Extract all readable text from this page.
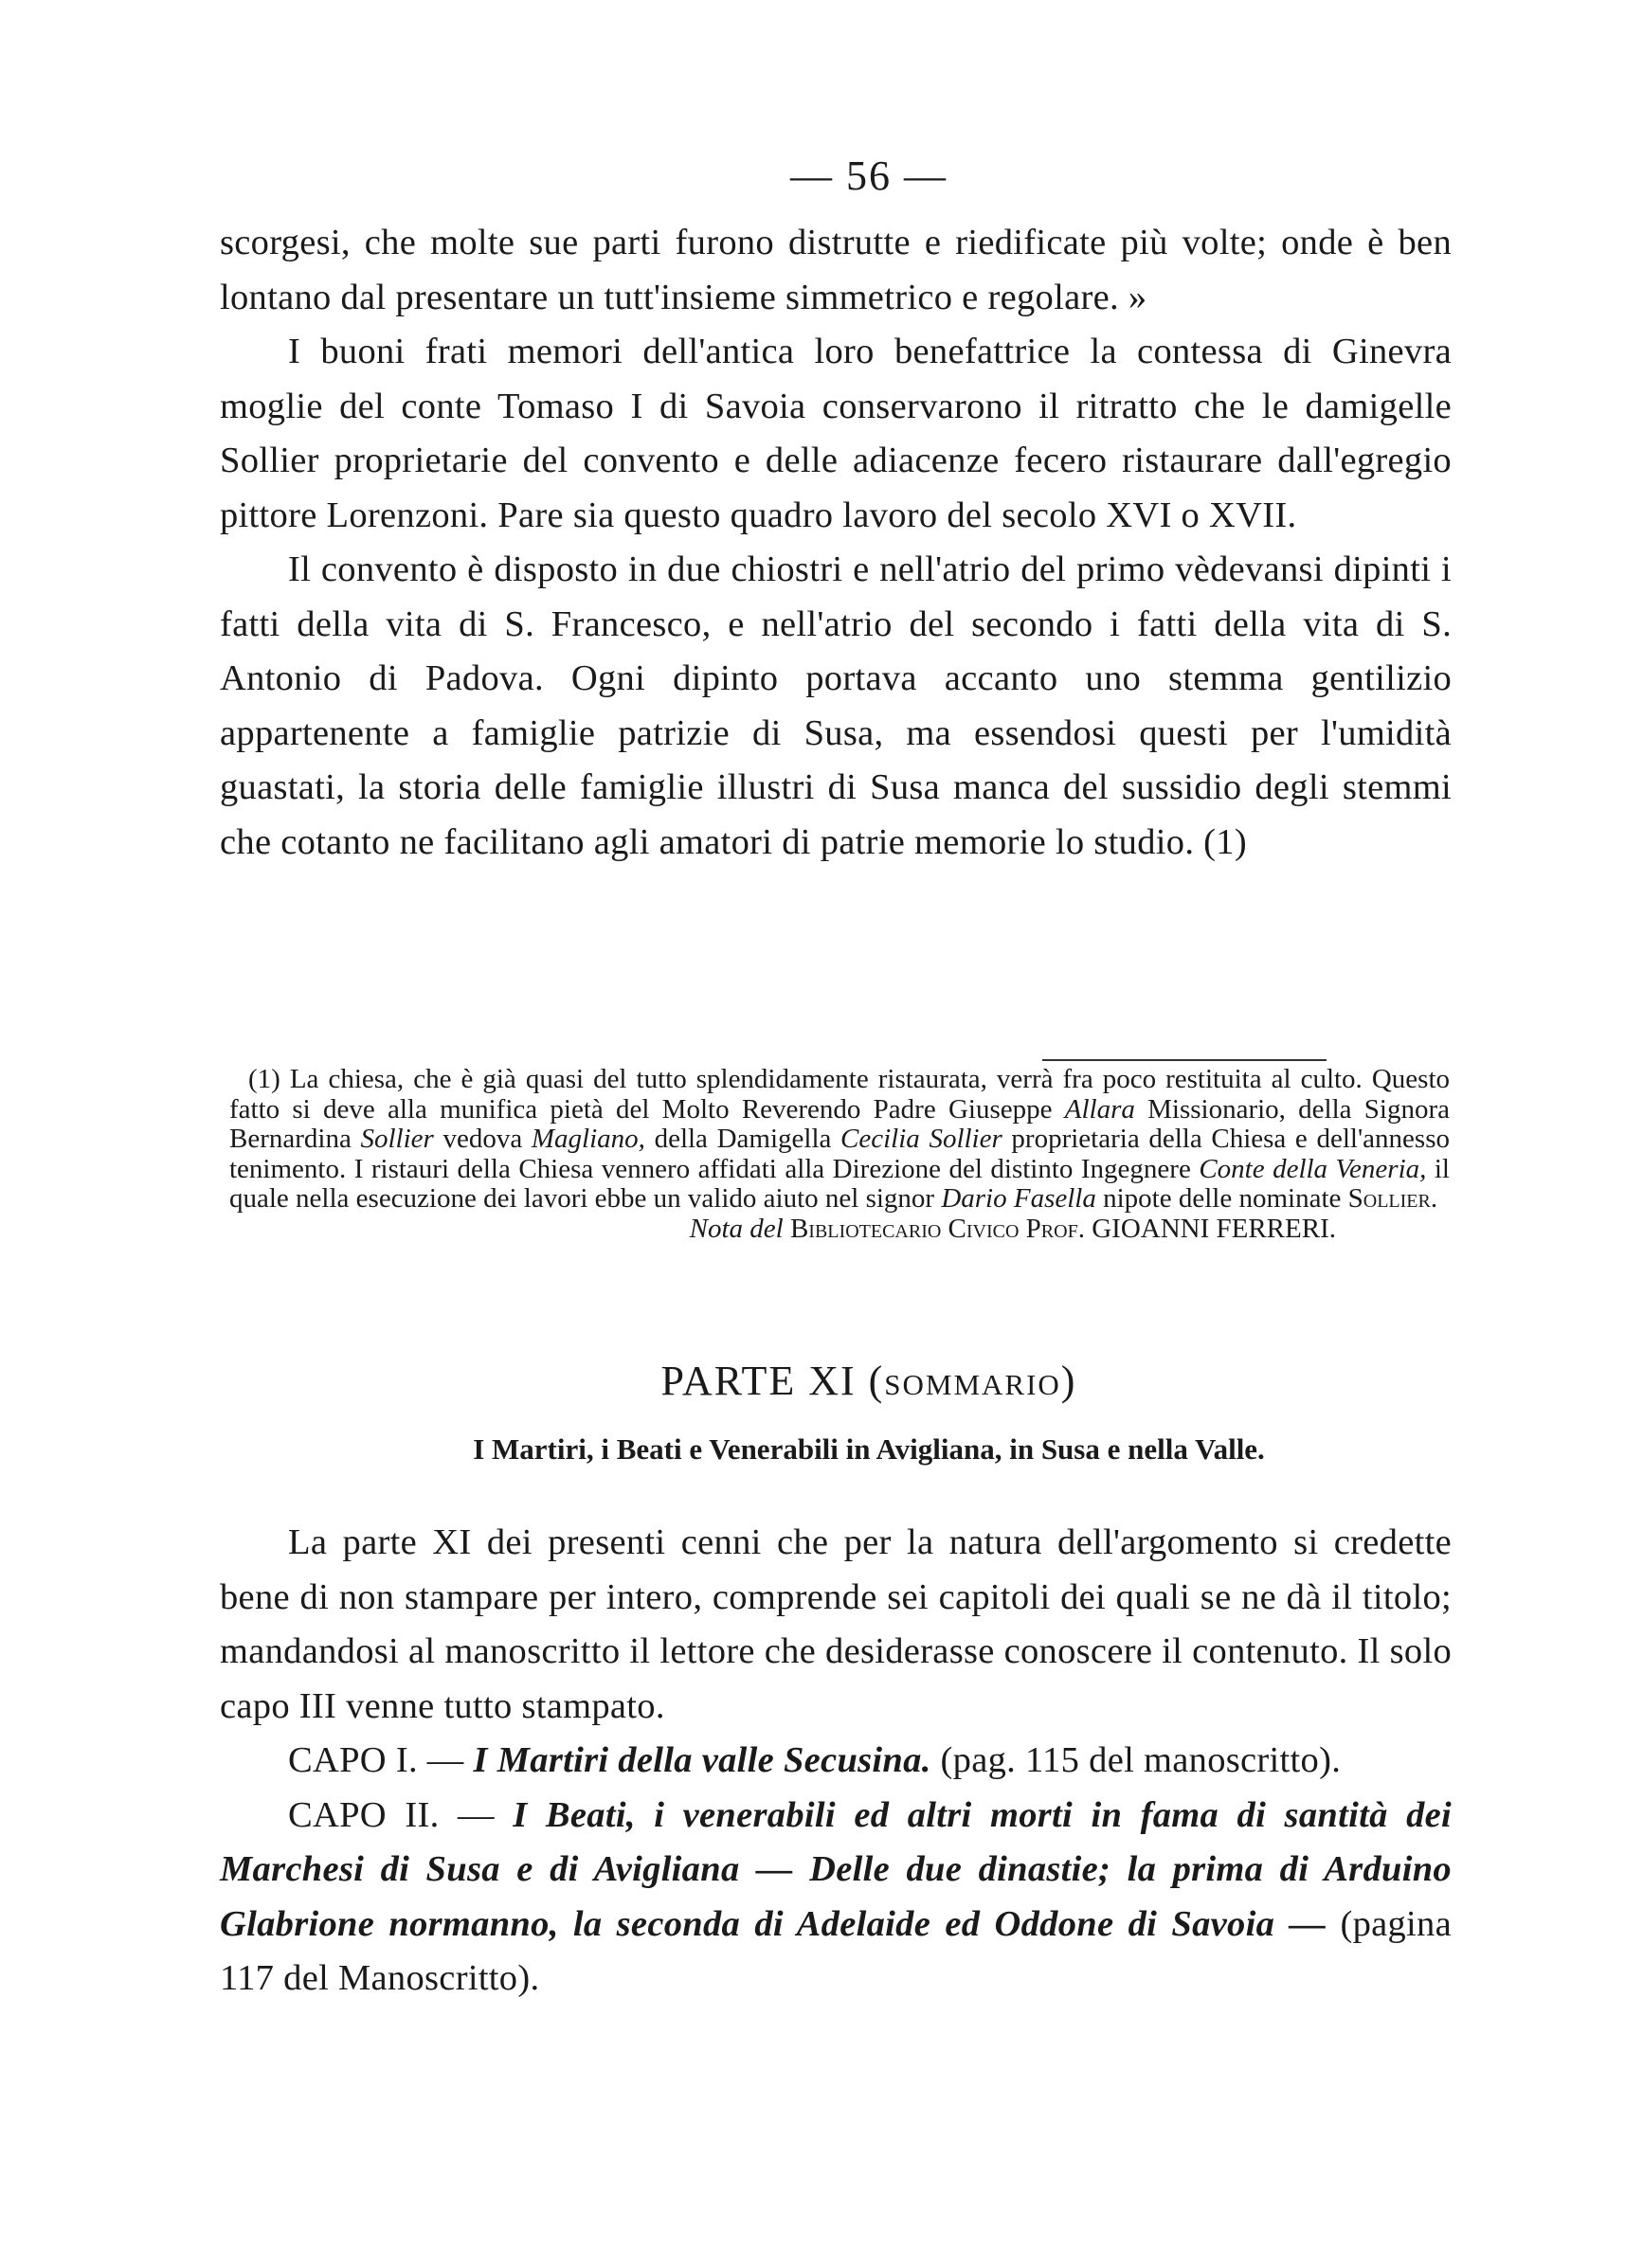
— 56 —

scorgesi, che molte sue parti furono distrutte e riedificate più volte; onde è ben lontano dal presentare un tutt'insieme simmetrico e regolare. »

I buoni frati memori dell'antica loro benefattrice la contessa di Ginevra moglie del conte Tomaso I di Savoia conservarono il ritratto che le damigelle Sollier proprietarie del convento e delle adiacenze fecero ristaurare dall'egregio pittore Lorenzoni. Pare sia questo quadro lavoro del secolo XVI o XVII.

Il convento è disposto in due chiostri e nell'atrio del primo vèdevansi dipinti i fatti della vita di S. Francesco, e nell'atrio del secondo i fatti della vita di S. Antonio di Padova. Ogni dipinto portava accanto uno stemma gentilizio appartenente a famiglie patrizie di Susa, ma essendosi questi per l'umidità guastati, la storia delle famiglie illustri di Susa manca del sussidio degli stemmi che cotanto ne facilitano agli amatori di patrie memorie lo studio. (1)

(1) La chiesa, che è già quasi del tutto splendidamente ristaurata, verrà fra poco restituita al culto. Questo fatto si deve alla munifica pietà del Molto Reverendo Padre Giuseppe Allara Missionario, della Signora Bernardina Sollier vedova Magliano, della Damigella Cecilia Sollier proprietaria della Chiesa e dell'annesso tenimento. I ristauri della Chiesa vennero affidati alla Direzione del distinto Ingegnere Conte della Veneria, il quale nella esecuzione dei lavori ebbe un valido aiuto nel signor Dario Fasella nipote delle nominate Sollier.

Nota del Bibliotecario Civico Prof. GIOANNI FERRERI.

PARTE XI (sommario)
I Martiri, i Beati e Venerabili in Avigliana, in Susa e nella Valle.

La parte XI dei presenti cenni che per la natura dell'argomento si credette bene di non stampare per intero, comprende sei capitoli dei quali se ne dà il titolo; mandandosi al manoscritto il lettore che desiderasse conoscere il contenuto. Il solo capo III venne tutto stampato.

CAPO I. — I Martiri della valle Secusina. (pag. 115 del manoscritto).

CAPO II. — I Beati, i venerabili ed altri morti in fama di santità dei Marchesi di Susa e di Avigliana — Delle due dinastie; la prima di Arduino Glabrione normanno, la seconda di Adelaide ed Oddone di Savoia — (pagina 117 del Manoscritto).
